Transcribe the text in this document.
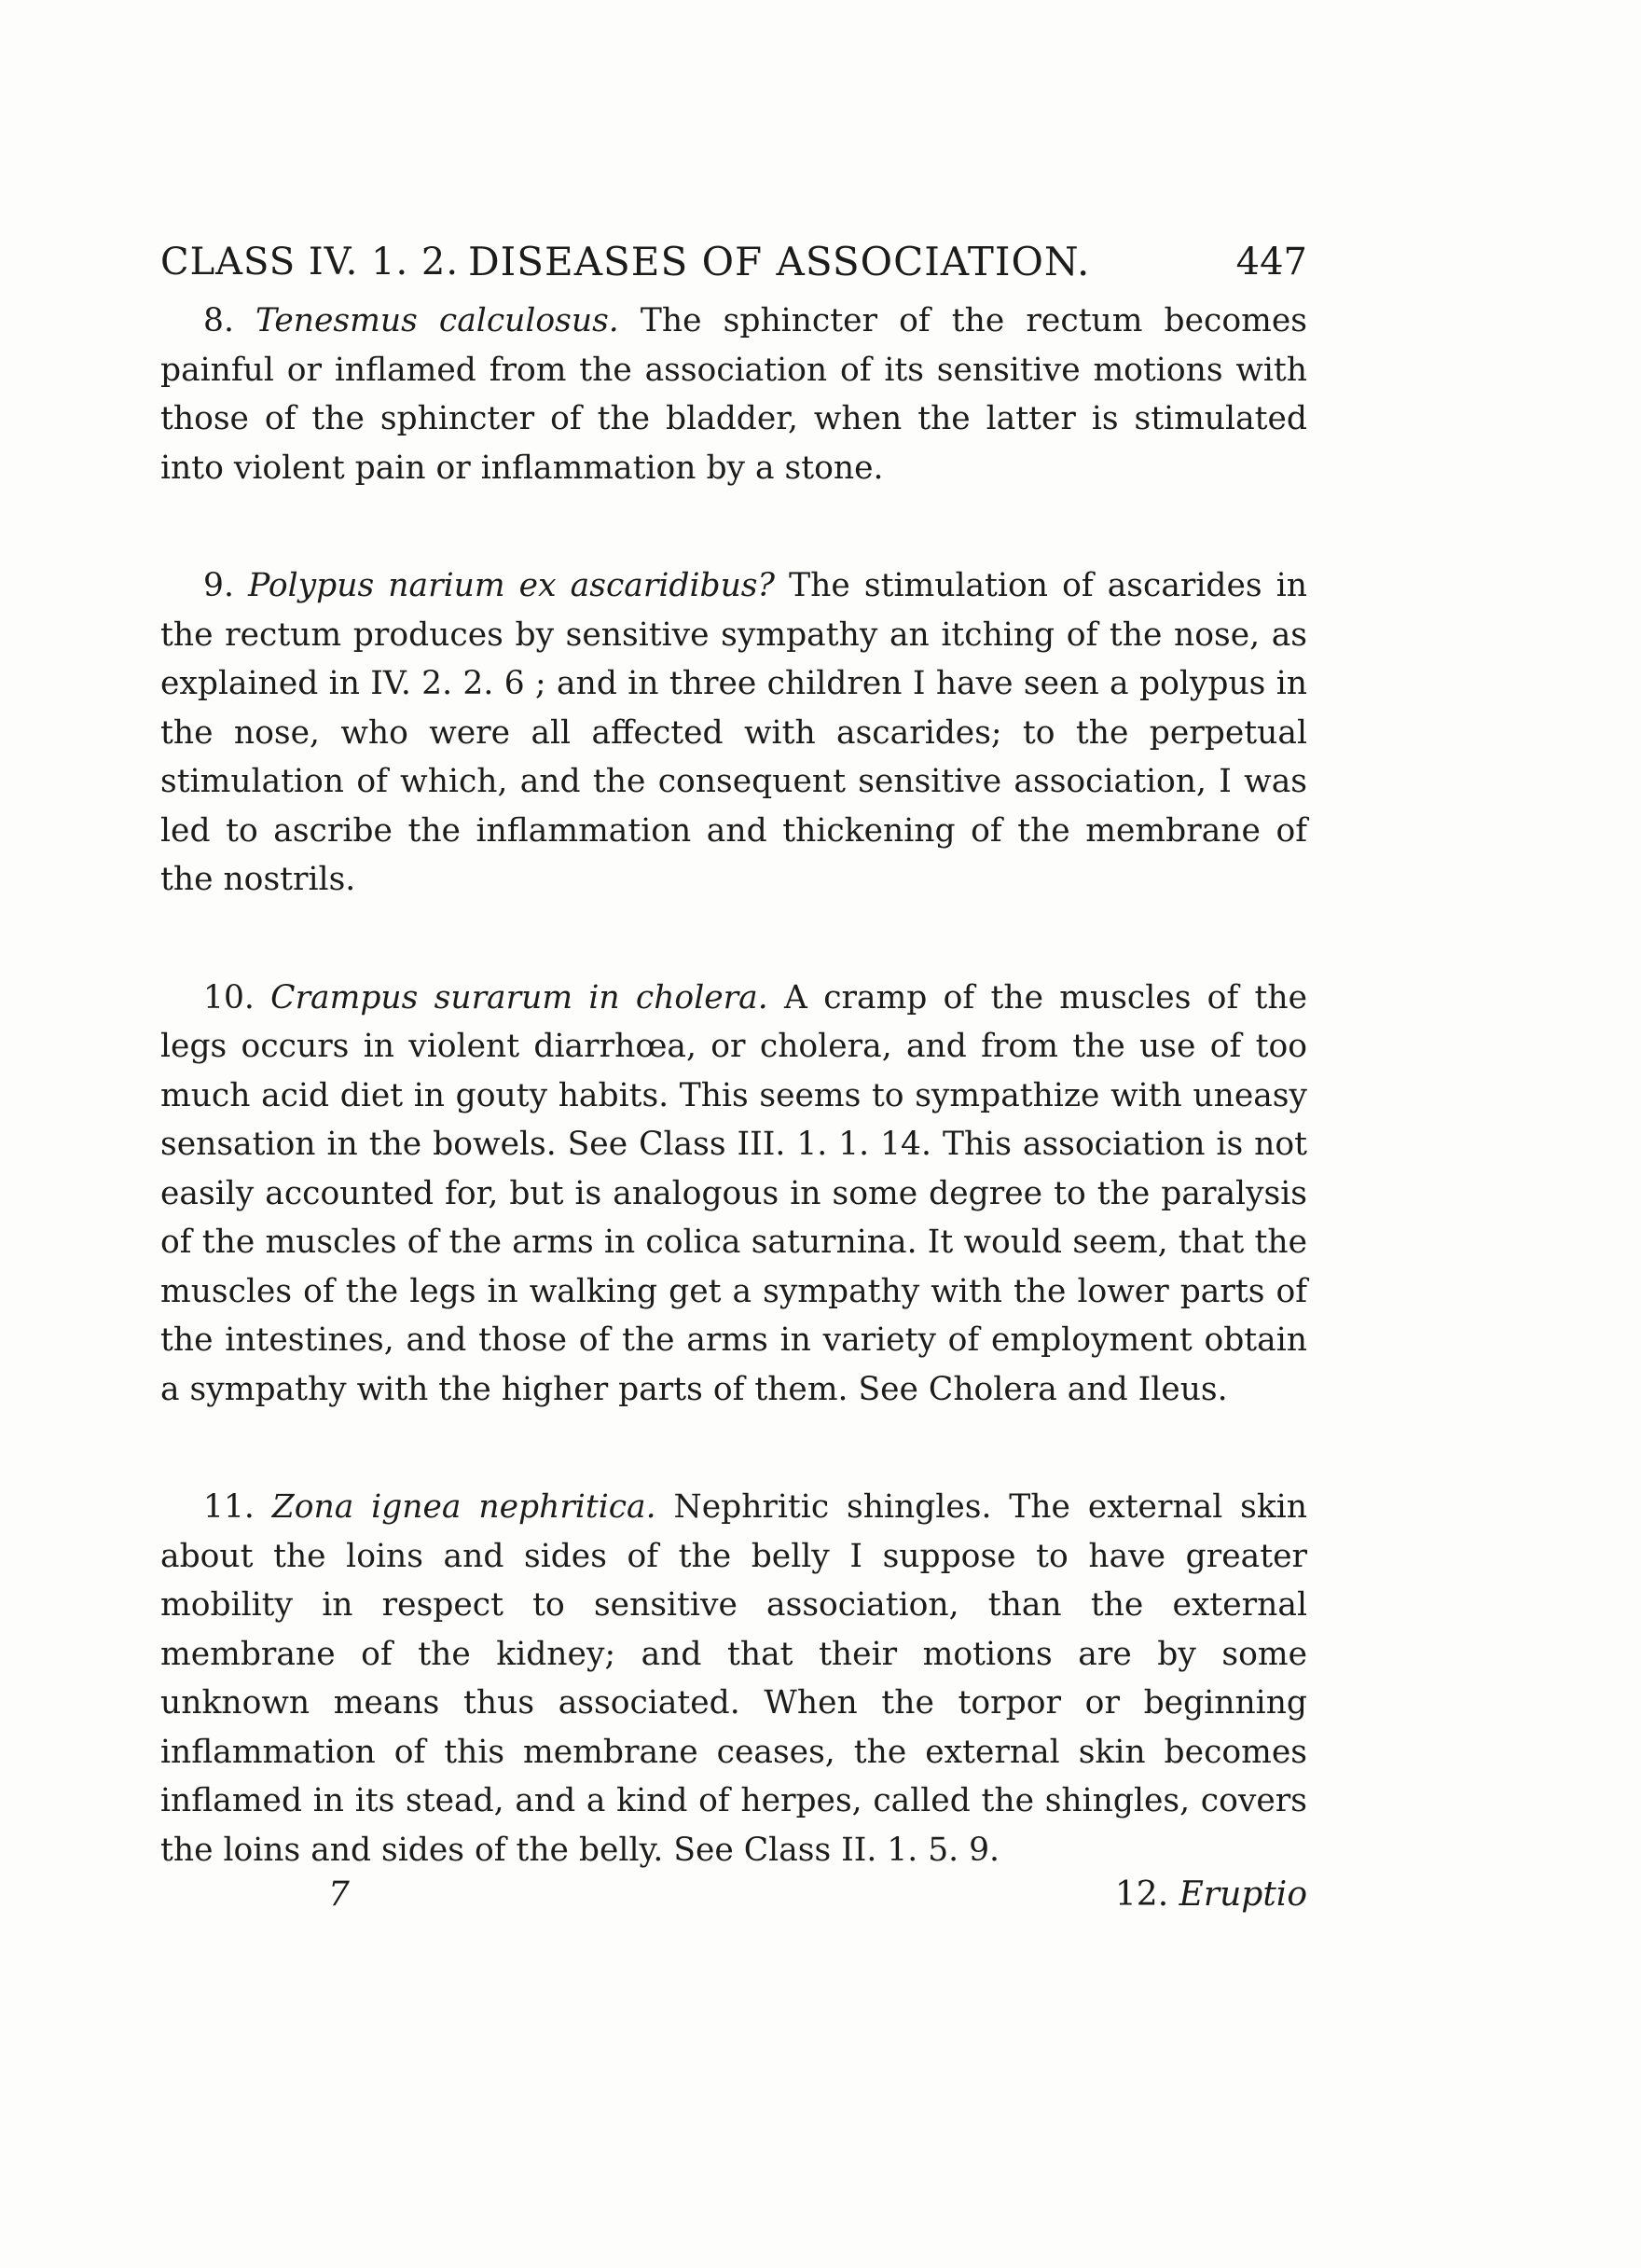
CLASS IV. 1. 2. DISEASES OF ASSOCIATION.	447

8. Tenesmus calculosus. The sphincter of the rectum becomes painful or inflamed from the association of its sensitive motions with those of the sphincter of the bladder, when the latter is stimulated into violent pain or inflammation by a stone.

9. Polypus narium ex ascaridibus? The stimulation of ascarides in the rectum produces by sensitive sympathy an itching of the nose, as explained in IV. 2. 2. 6 ; and in three children I have seen a polypus in the nose, who were all affected with ascarides; to the perpetual stimulation of which, and the consequent sensitive association, I was led to ascribe the inflammation and thickening of the membrane of the nostrils.

10. Crampus surarum in cholera. A cramp of the muscles of the legs occurs in violent diarrhœa, or cholera, and from the use of too much acid diet in gouty habits. This seems to sympathize with uneasy sensation in the bowels. See Class III. 1. 1. 14. This association is not easily accounted for, but is analogous in some degree to the paralysis of the muscles of the arms in colica saturnina. It would seem, that the muscles of the legs in walking get a sympathy with the lower parts of the intestines, and those of the arms in variety of employment obtain a sympathy with the higher parts of them. See Cholera and Ileus.

11. Zona ignea nephritica. Nephritic shingles. The external skin about the loins and sides of the belly I suppose to have greater mobility in respect to sensitive association, than the external membrane of the kidney; and that their motions are by some unknown means thus associated. When the torpor or beginning inflammation of this membrane ceases, the external skin becomes inflamed in its stead, and a kind of herpes, called the shingles, covers the loins and sides of the belly. See Class II. 1. 5. 9.

7	12. Eruptio
